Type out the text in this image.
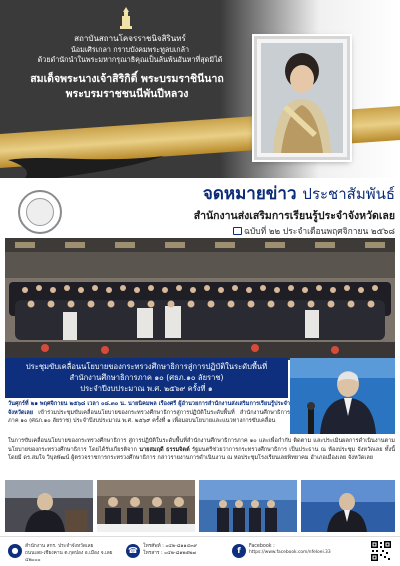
สถาบันสถานโคจรราชนิจสิรินทร์
น้อมเศิรเกลา กราบบังคมพระทูลบเกล้า
ด้วยดำนักนำในพระมหากรุณาธิคุณเป็นล้นพ้นอันหาที่สุดมิได้
สมเด็จพระนางเจ้าสิริกิติ์ พระบรมราชินีนาถ
พระบรมราชชนนีพันปีหลวง
จดหมายข่าว ประชาสัมพันธ์
สำนักงานส่งเสริมการเรียนรู้ประจำจังหวัดเลย
ฉบับที่ ๒๒ ประจำเดือนพฤศจิกายน ๒๕๖๘
ประชุมขับเคลื่อนนโยบายของกระทรวงศึกษาธิการสู่การปฏิบัติในระดับพื้นที่
สำนักงานศึกษาธิการภาค ๑๐ (ศธภ.๑๐ ลัยราช)
ประจำปีงบประมาณ พ.ศ. ๒๕๖๙ ครั้งที่ ๑
วันศุกร์ที่ ๒๑ พฤศจิกายน ๒๕๖๘ เวลา ๐๘.๓๐ น. นายนิคมพล เรืองศรี ผู้อำนวยการสำนักงานส่งเสริมการเรียนรู้ประจำจังหวัดเลย เข้าร่วมประชุมขับเคลื่อนนโยบายของกระทรวงศึกษาธิการสู่การปฏิบัติในระดับพื้นที่ สำนักงานศึกษาธิการภาค ๑๐ (ศธภ.๑๐ ลัยราช) ประจำปีงบประมาณ พ.ศ. ๒๕๖๙ ครั้งที่ ๑ เพื่อมอบนโยบายและแนวทางการขับเคลื่อน
ในการขับเคลื่อนนโยบายของกระทรวงศึกษาธิการ สู่การปฏิบัติในระดับพื้นที่สำนักงานศึกษาธิการภาค ๑๐ และเพื่อกำกับ ติดตาม และประเมินผลการดำเนินงานตามนโยบายของกระทรวงศึกษาธิการ โดยได้รับเกียรติจาก นายสมฤดี ธรรมจิตต์ รัฐมนตรีช่วยว่าการกระทรวงศึกษาธิการ เป็นประธาน ณ ห้องประชุม จังหวัดเลย ทั้งนี้ โดยมี ดร.สมใจ วิบุลพัฒน์ ผู้ตรวจราชการกระทรวงศึกษาธิการ กล่าวรายงานการดำเนินงาน ณ หอประชุมโรงเรียนเลยพิทยาคม อำเภอเมืองเลย จังหวัดเลย
●	สำนักงาน สกร. ประจำจังหวัดเลย
ถนนเลย-เชียงคาน ต.กุดป่อง อ.เมือง จ.เลย
๔๒๐๐๐
☎	โทรศัพท์ : ๐๔๒-๘๑๑๔๓๙
โทรสาร : ๐๔๒-๘๑๒๕๒๗	f	Facebook :
https://www.facebook.com/nfeloei.33
